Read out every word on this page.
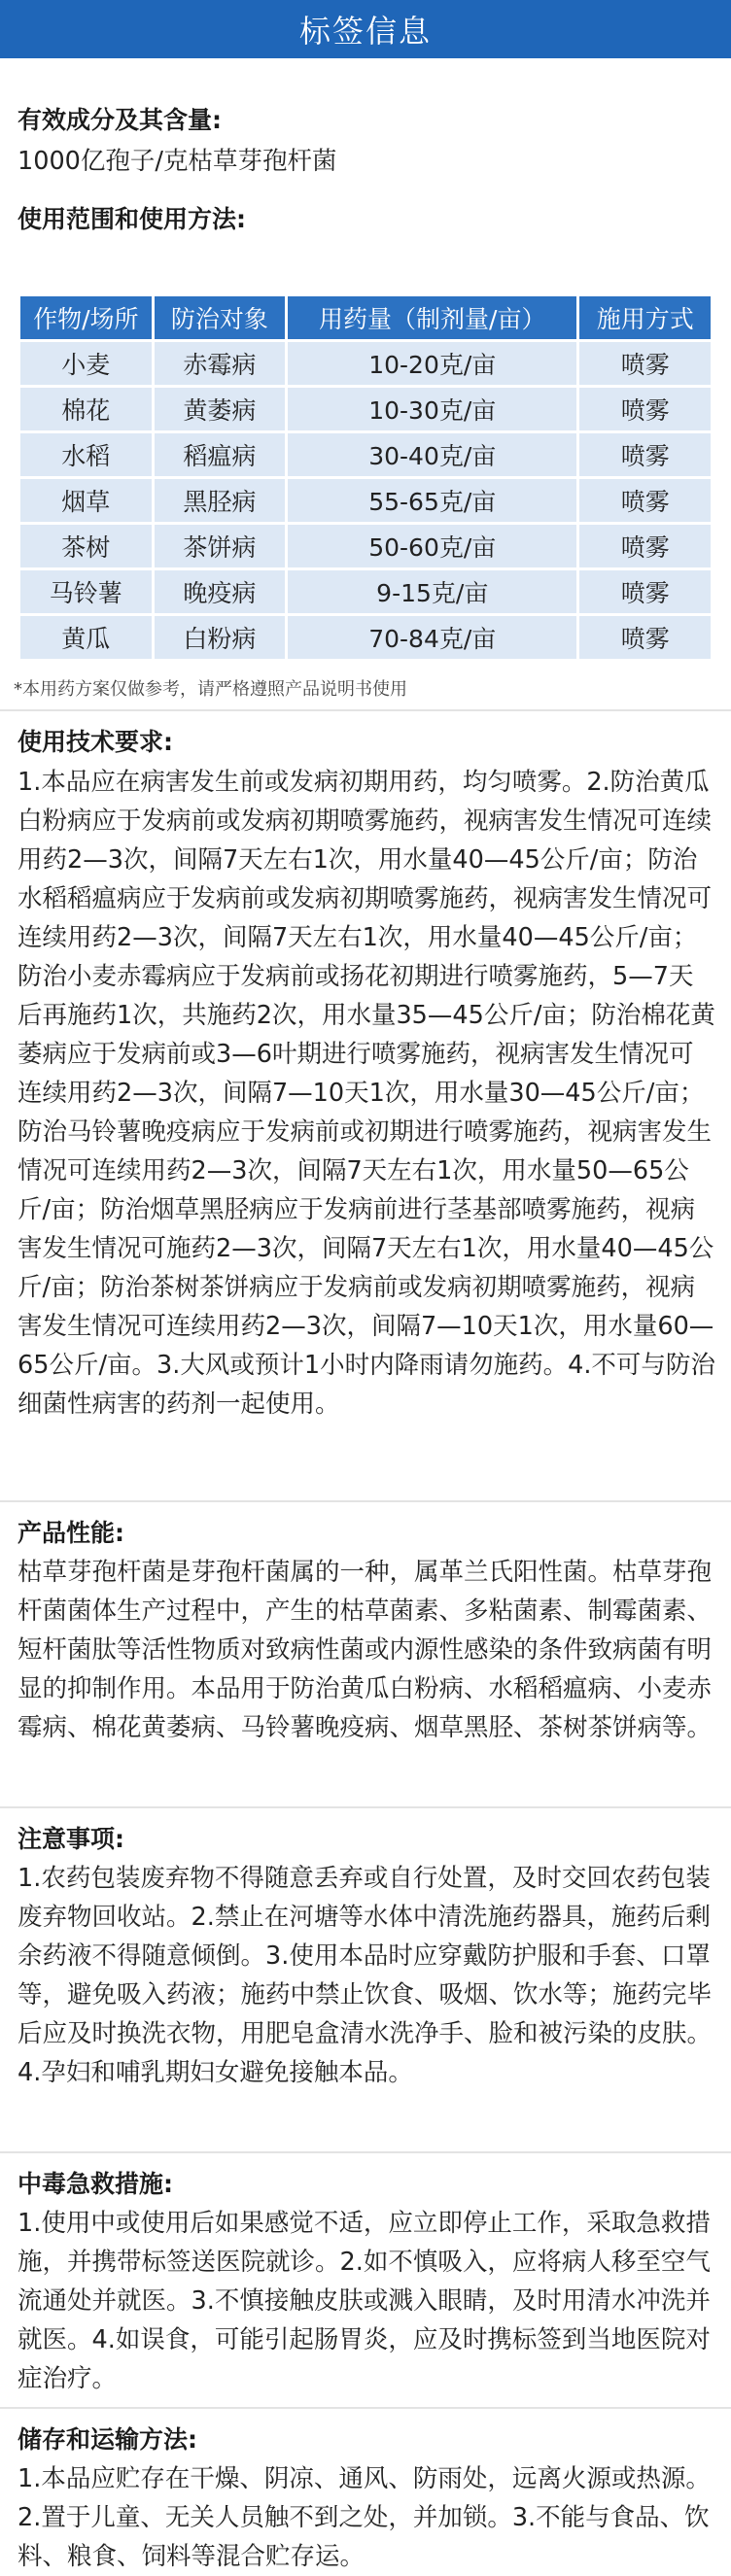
标签信息
有效成分及其含量:
1000亿孢子/克枯草芽孢杆菌
使用范围和使用方法:
作物/场所	防治对象	用药量（制剂量/亩）	施用方式
小麦	赤霉病	10-20克/亩	喷雾
棉花	黄萎病	10-30克/亩	喷雾
水稻	稻瘟病	30-40克/亩	喷雾
烟草	黑胫病	55-65克/亩	喷雾
茶树	茶饼病	50-60克/亩	喷雾
马铃薯	晚疫病	9-15克/亩	喷雾
黄瓜	白粉病	70-84克/亩	喷雾
*本用药方案仅做参考，请严格遵照产品说明书使用
使用技术要求:
1.本品应在病害发生前或发病初期用药，均匀喷雾。2.防治黄瓜白粉病应于发病前或发病初期喷雾施药，视病害发生情况可连续用药2—3次，间隔7天左右1次，用水量40—45公斤/亩；防治水稻稻瘟病应于发病前或发病初期喷雾施药，视病害发生情况可连续用药2—3次，间隔7天左右1次，用水量40—45公斤/亩；防治小麦赤霉病应于发病前或扬花初期进行喷雾施药，5—7天后再施药1次，共施药2次，用水量35—45公斤/亩；防治棉花黄萎病应于发病前或3—6叶期进行喷雾施药，视病害发生情况可连续用药2—3次，间隔7—10天1次，用水量30—45公斤/亩；防治马铃薯晚疫病应于发病前或初期进行喷雾施药，视病害发生情况可连续用药2—3次，间隔7天左右1次，用水量50—65公斤/亩；防治烟草黑胫病应于发病前进行茎基部喷雾施药，视病害发生情况可施药2—3次，间隔7天左右1次，用水量40—45公斤/亩；防治茶树茶饼病应于发病前或发病初期喷雾施药，视病害发生情况可连续用药2—3次，间隔7—10天1次，用水量60—65公斤/亩。3.大风或预计1小时内降雨请勿施药。4.不可与防治细菌性病害的药剂一起使用。
产品性能:
枯草芽孢杆菌是芽孢杆菌属的一种，属革兰氏阳性菌。枯草芽孢杆菌菌体生产过程中，产生的枯草菌素、多粘菌素、制霉菌素、短杆菌肽等活性物质对致病性菌或内源性感染的条件致病菌有明显的抑制作用。本品用于防治黄瓜白粉病、水稻稻瘟病、小麦赤霉病、棉花黄萎病、马铃薯晚疫病、烟草黑胫、茶树茶饼病等。
注意事项:
1.农药包装废弃物不得随意丢弃或自行处置，及时交回农药包装废弃物回收站。2.禁止在河塘等水体中清洗施药器具，施药后剩余药液不得随意倾倒。3.使用本品时应穿戴防护服和手套、口罩等，避免吸入药液；施药中禁止饮食、吸烟、饮水等；施药完毕后应及时换洗衣物，用肥皂盒清水洗净手、脸和被污染的皮肤。4.孕妇和哺乳期妇女避免接触本品。
中毒急救措施:
1.使用中或使用后如果感觉不适，应立即停止工作，采取急救措施，并携带标签送医院就诊。2.如不慎吸入，应将病人移至空气流通处并就医。3.不慎接触皮肤或溅入眼睛，及时用清水冲洗并就医。4.如误食，可能引起肠胃炎，应及时携标签到当地医院对症治疗。
储存和运输方法:
1.本品应贮存在干燥、阴凉、通风、防雨处，远离火源或热源。2.置于儿童、无关人员触不到之处，并加锁。3.不能与食品、饮料、粮食、饲料等混合贮存运。
